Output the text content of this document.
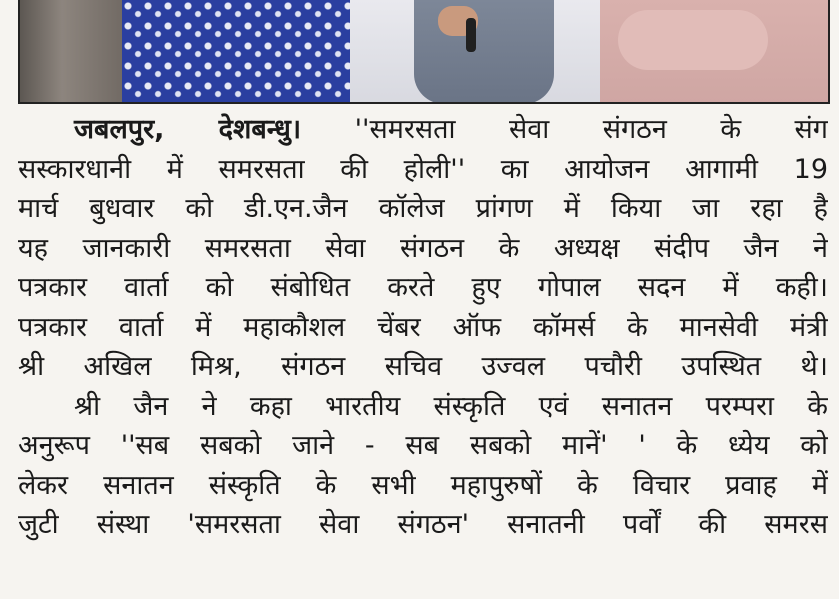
जबलपुर, देशबन्धु। ''समरसता सेवा संगठन के संग
सस्कारधानी में समरसता की होली'' का आयोजन आगामी 19
मार्च बुधवार को डी.एन.जैन कॉलेज प्रांगण में किया जा रहा है
यह जानकारी समरसता सेवा संगठन के अध्यक्ष संदीप जैन ने
पत्रकार वार्ता को संबोधित करते हुए गोपाल सदन में कही।
पत्रकार वार्ता में महाकौशल चेंबर ऑफ कॉमर्स के मानसेवी मंत्री
श्री अखिल मिश्र, संगठन सचिव उज्वल पचौरी उपस्थित थे।
श्री जैन ने कहा भारतीय संस्कृति एवं सनातन परम्परा के
अनुरूप ''सब सबको जाने - सब सबको मानें' ' के ध्येय को
लेकर सनातन संस्कृति के सभी महापुरुषों के विचार प्रवाह में
जुटी संस्था 'समरसता सेवा संगठन' सनातनी पर्वों की समरस
